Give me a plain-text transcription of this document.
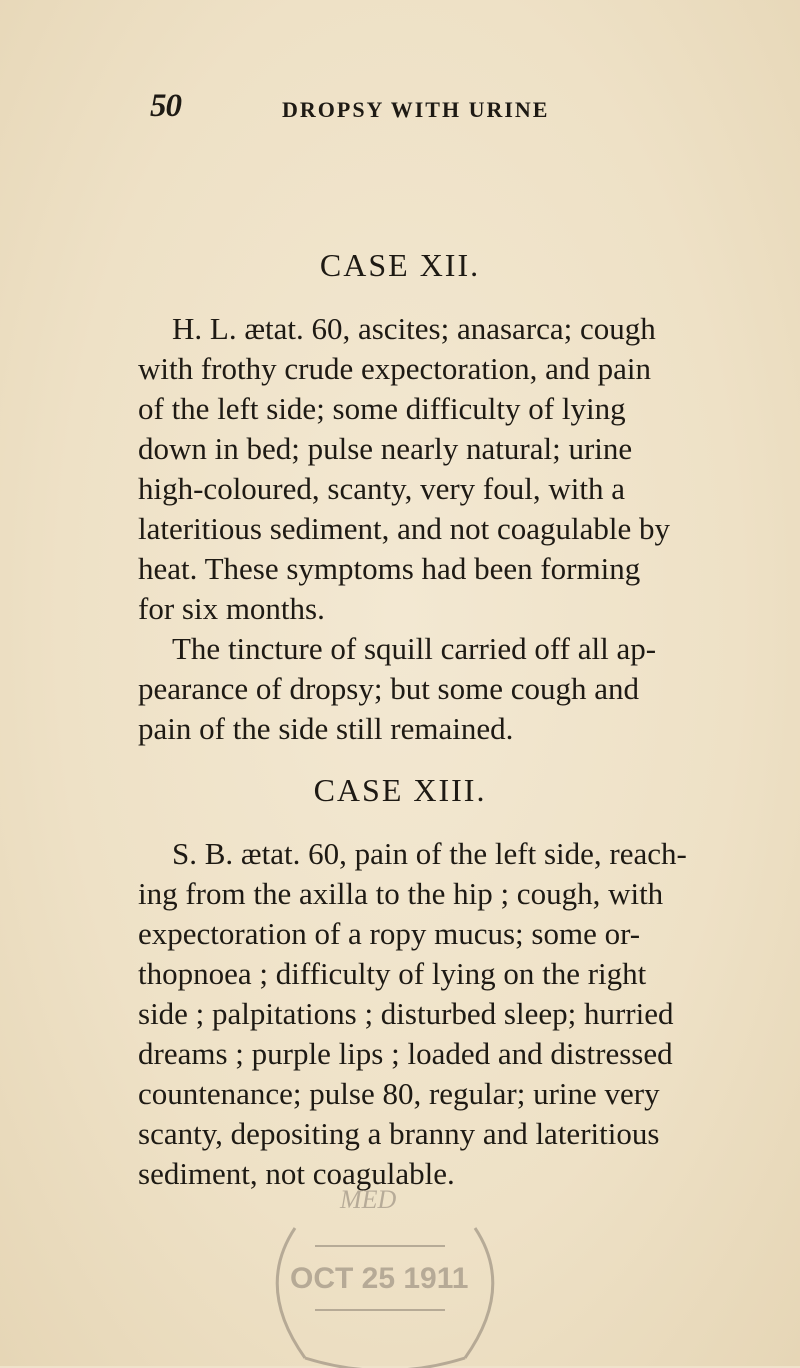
50	DROPSY WITH URINE
CASE XII.
H. L. ætat. 60, ascites; anasarca; cough
with frothy crude expectoration, and pain
of the left side; some difficulty of lying
down in bed; pulse nearly natural; urine
high-coloured, scanty, very foul, with a
lateritious sediment, and not coagulable by
heat. These symptoms had been forming
for six months.
The tincture of squill carried off all ap-
pearance of dropsy; but some cough and
pain of the side still remained.
CASE XIII.
S. B. ætat. 60, pain of the left side, reach-
ing from the axilla to the hip ; cough, with
expectoration of a ropy mucus; some or-
thopnoea ; difficulty of lying on the right
side ; palpitations ; disturbed sleep; hurried
dreams ; purple lips ; loaded and distressed
countenance; pulse 80, regular; urine very
scanty, depositing a branny and lateritious
sediment, not coagulable.
MED
OCT 25 1911
